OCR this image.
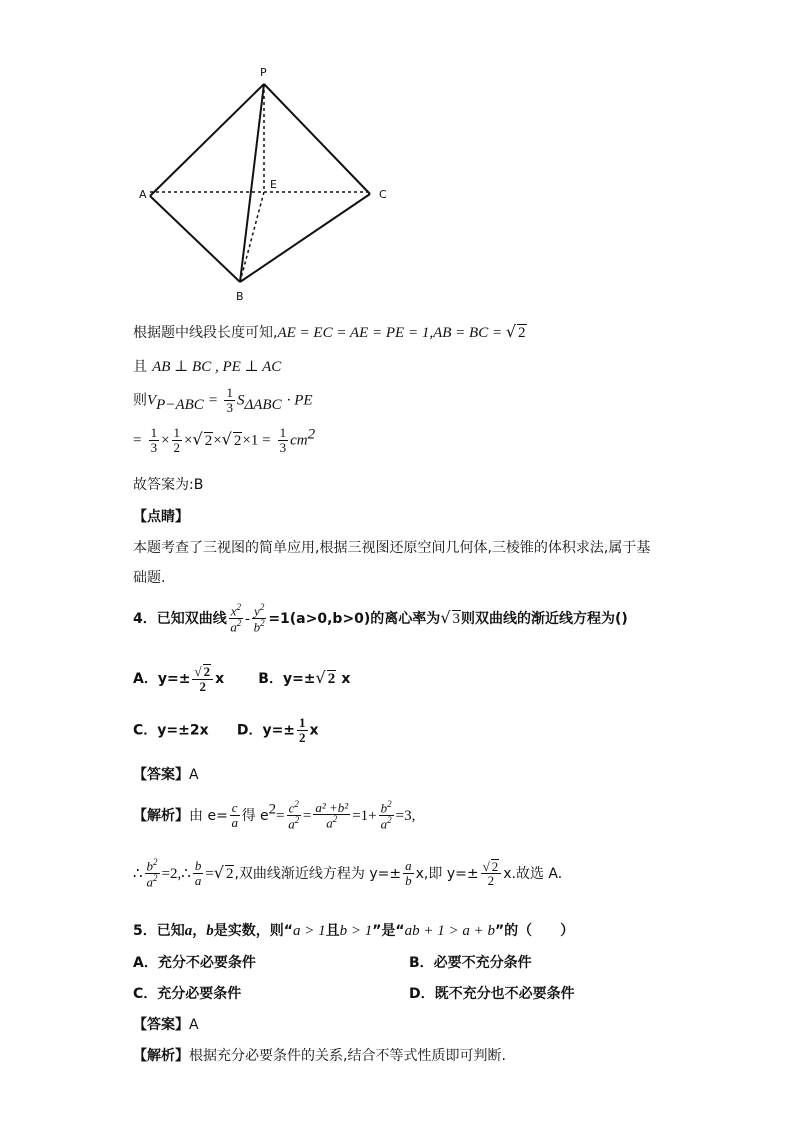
P
A	C
E
B
根据题中线段长度可知,AE = EC = AE = PE = 1,AB = BC = √ 2
且 AB ⊥ BC , PE ⊥ AC
则$V_{P-ABC} = \frac{1}{3} S_{\Delta ABC}$ · PE
= $\frac{1}{3} \times \frac{1}{2}$ ×√ 2×√ $2\times 1 = \frac{1}{3} cm^2$
故答案为:B
【点睛】
本题考查了三视图的简单应用,根据三视图还原空间几何体,三棱锥的体积求法,属于基
础题.
4．已知双曲线 $\frac{x^2}{a^2} - \frac{y^2}{b^2} =1(a>0,b>0)$的离心率为√ 3则双曲线的渐近线方程为()
A．$y=\pm \frac{√ 2}{2}$ x B．y=±√ 2 x
C．y=±2x D．$y=\pm \frac{1}{2}$ x
【答案】A
【解析】由 $e= \frac{c}{a}$ 得 $e^2= \frac{c^2}{a^2} = \frac{\text{a² +b²}}{a^2} =1+ \frac{b^2}{a^2} =3$,
∴ $\frac{b^2}{a^2}$ =2,∴ $\frac{b}{a}$ =√ 2,双曲线渐近线方程为 $y=\pm \frac{a}{b} x$,即 $y=\pm \frac{√ 2}{2} x$.故选 A.
5．已知a，b是实数，则“a > 1且b > 1”是“ab + 1 > a + b”的（　　）
A．充分不必要条件	B．必要不充分条件
C．充分必要条件	D．既不充分也不必要条件
【答案】A
【解析】根据充分必要条件的关系,结合不等式性质即可判断.
